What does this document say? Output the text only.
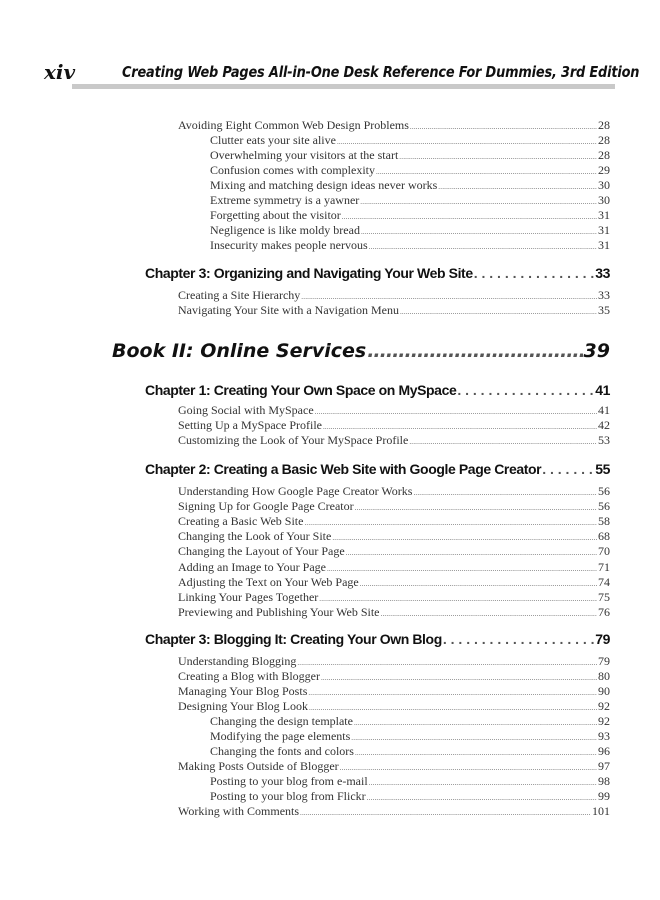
xiv	Creating Web Pages All-in-One Desk Reference For Dummies, 3rd Edition
Avoiding Eight Common Web Design Problems .....	28
Clutter eats your site alive .....	28
Overwhelming your visitors at the start .....	28
Confusion comes with complexity .....	29
Mixing and matching design ideas never works .....	30
Extreme symmetry is a yawner .....	30
Forgetting about the visitor .....	31
Negligence is like moldy bread .....	31
Insecurity makes people nervous .....	31
Chapter 3: Organizing and Navigating Your Web Site . . .	33
Creating a Site Hierarchy .....	33
Navigating Your Site with a Navigation Menu .....	35
Book II: Online Services .....	39
Chapter 1: Creating Your Own Space on MySpace . . .	41
Going Social with MySpace .....	41
Setting Up a MySpace Profile .....	42
Customizing the Look of Your MySpace Profile .....	53
Chapter 2: Creating a Basic Web Site with Google Page Creator . . .	55
Understanding How Google Page Creator Works .....	56
Signing Up for Google Page Creator .....	56
Creating a Basic Web Site .....	58
Changing the Look of Your Site .....	68
Changing the Layout of Your Page .....	70
Adding an Image to Your Page .....	71
Adjusting the Text on Your Web Page .....	74
Linking Your Pages Together .....	75
Previewing and Publishing Your Web Site .....	76
Chapter 3: Blogging It: Creating Your Own Blog . . .	79
Understanding Blogging .....	79
Creating a Blog with Blogger .....	80
Managing Your Blog Posts .....	90
Designing Your Blog Look .....	92
Changing the design template .....	92
Modifying the page elements .....	93
Changing the fonts and colors .....	96
Making Posts Outside of Blogger .....	97
Posting to your blog from e-mail .....	98
Posting to your blog from Flickr .....	99
Working with Comments .....	101
